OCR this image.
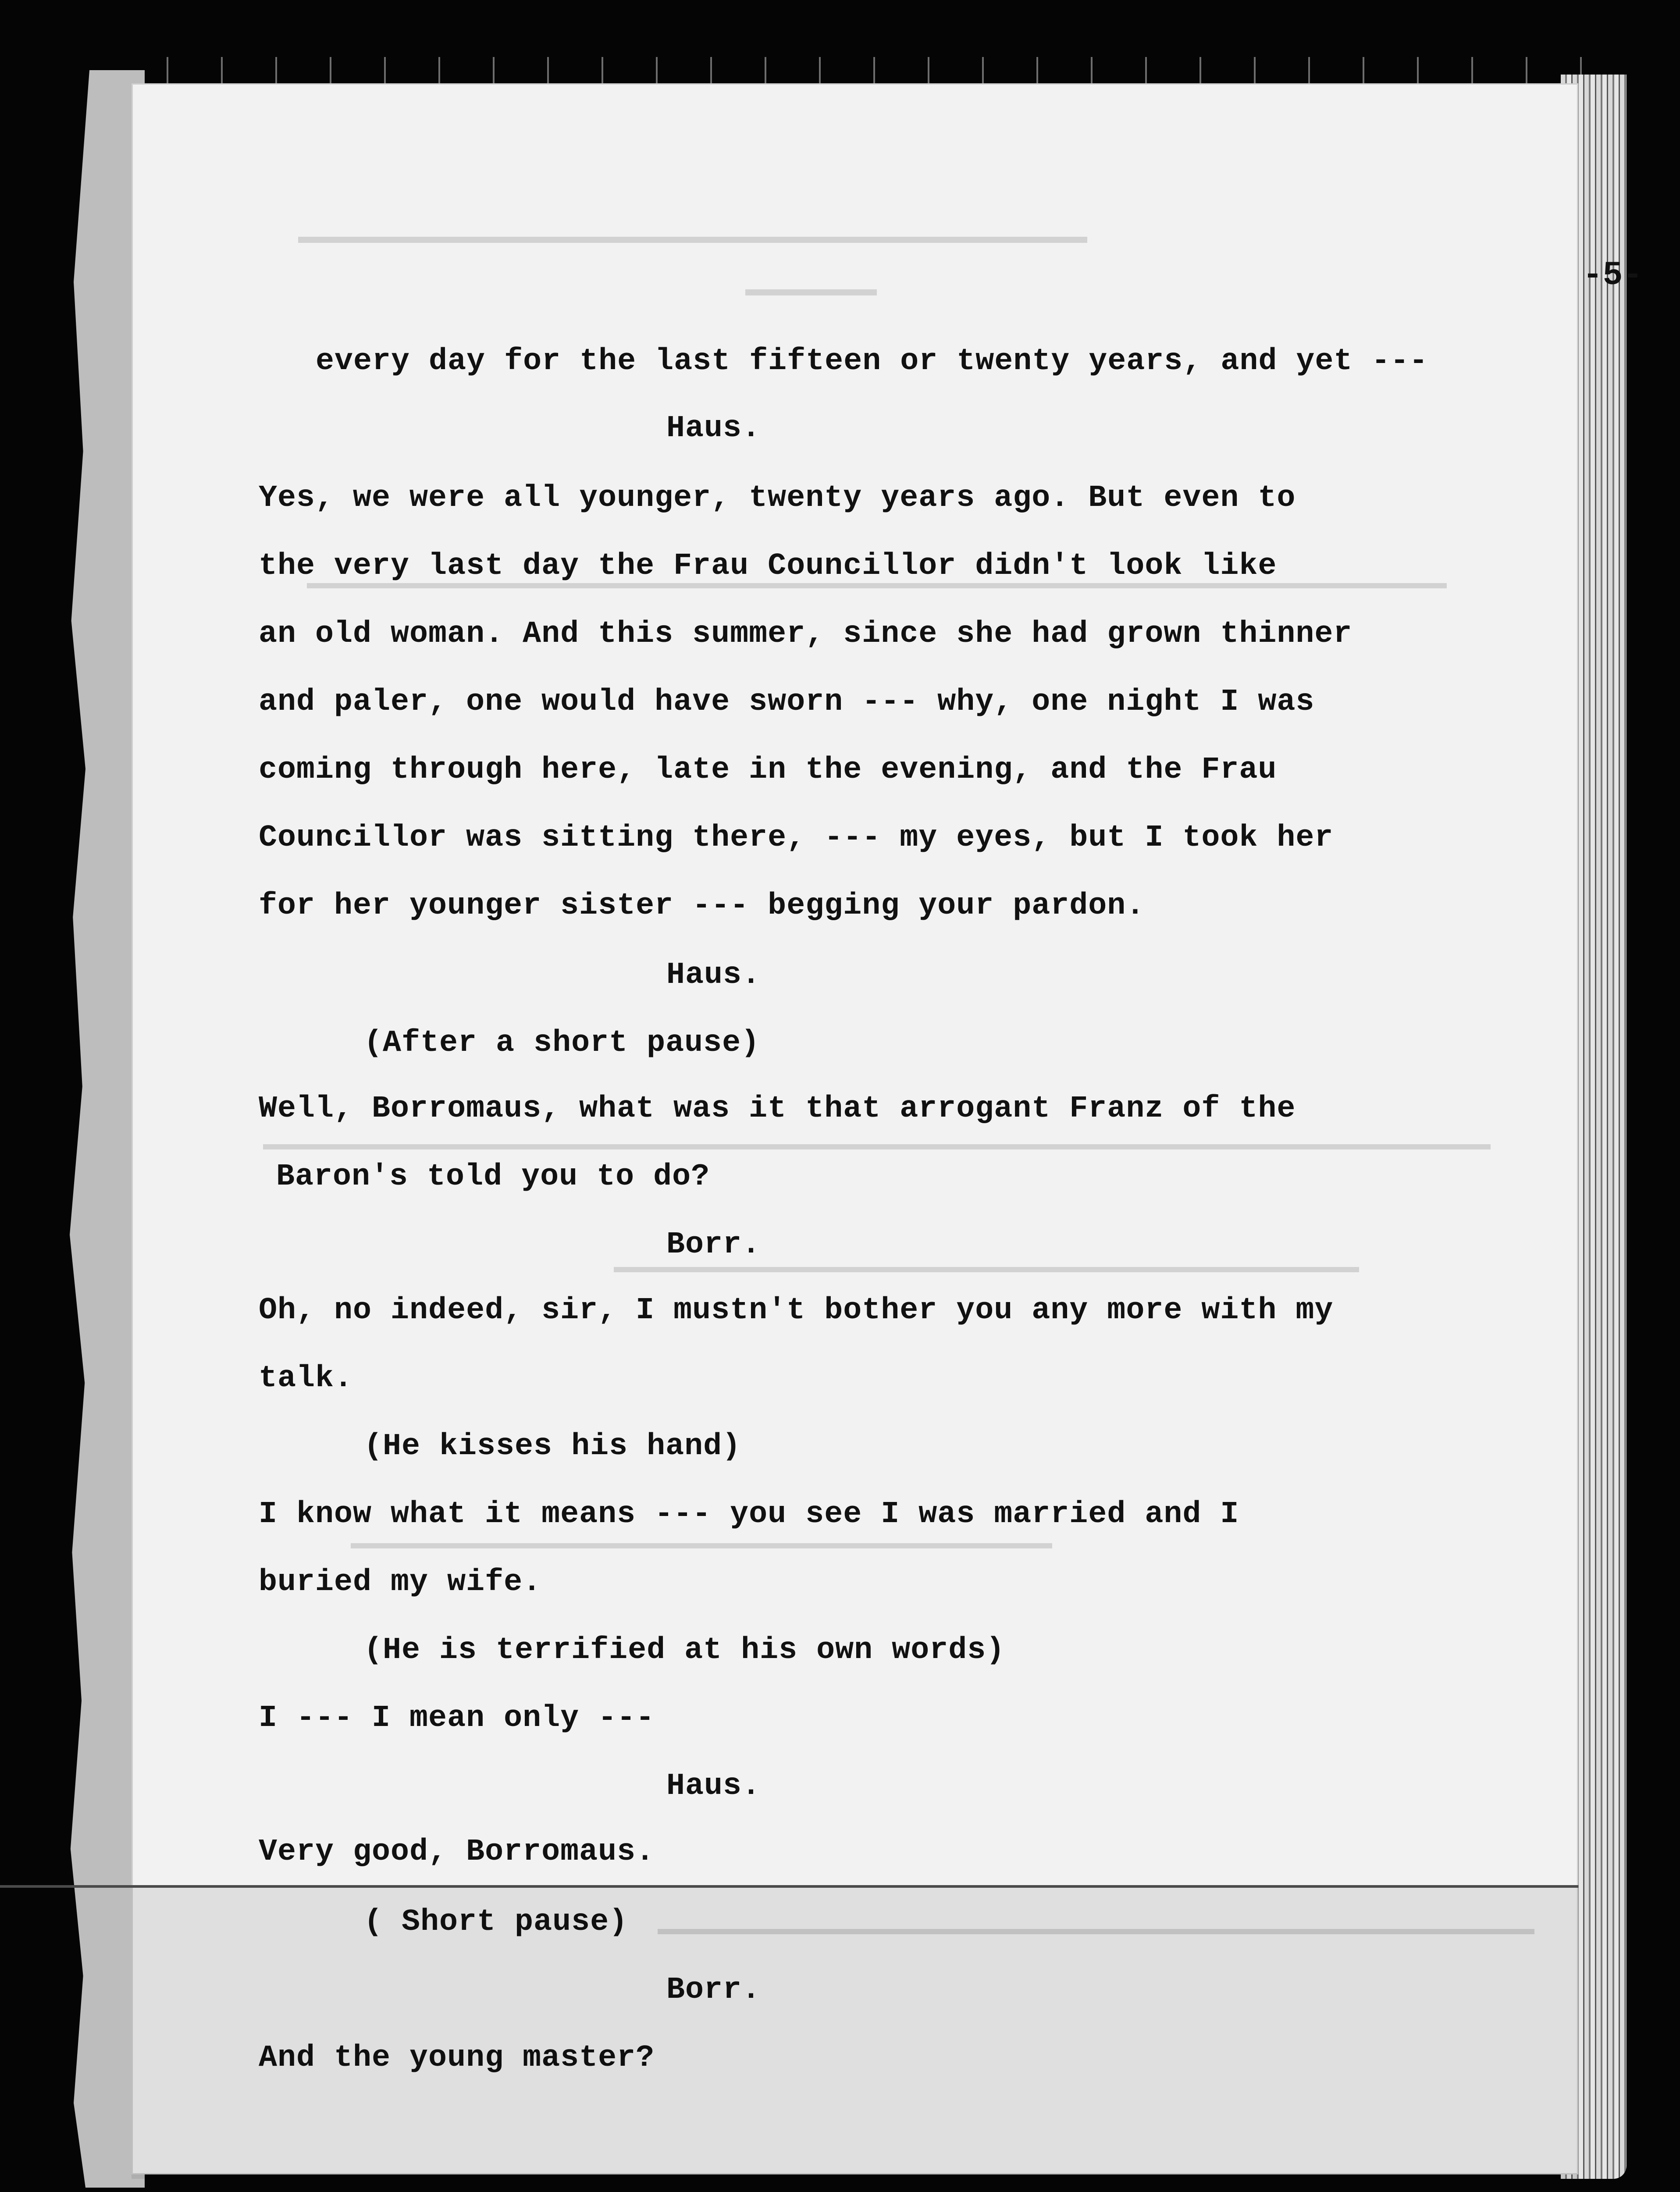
-5-
every day for the last fifteen or twenty years, and yet ---
Haus.
Yes, we were all younger, twenty years ago. But even to
the very last day the Frau Councillor didn't look like
an old woman. And this summer, since she had grown thinner
and paler, one would have sworn --- why, one night I was
coming through here, late in the evening, and the Frau
Councillor was sitting there, --- my eyes, but I took her
for her younger sister --- begging your pardon.
Haus.
(After a short pause)
Well, Borromaus, what was it that arrogant Franz of the
Baron's told you to do?
Borr.
Oh, no indeed, sir, I mustn't bother you any more with my
talk.
(He kisses his hand)
I know what it means --- you see I was married and I
buried my wife.
(He is terrified at his own words)
I --- I mean only ---
Haus.
Very good, Borromaus.
( Short pause)
Borr.
And the young master?
